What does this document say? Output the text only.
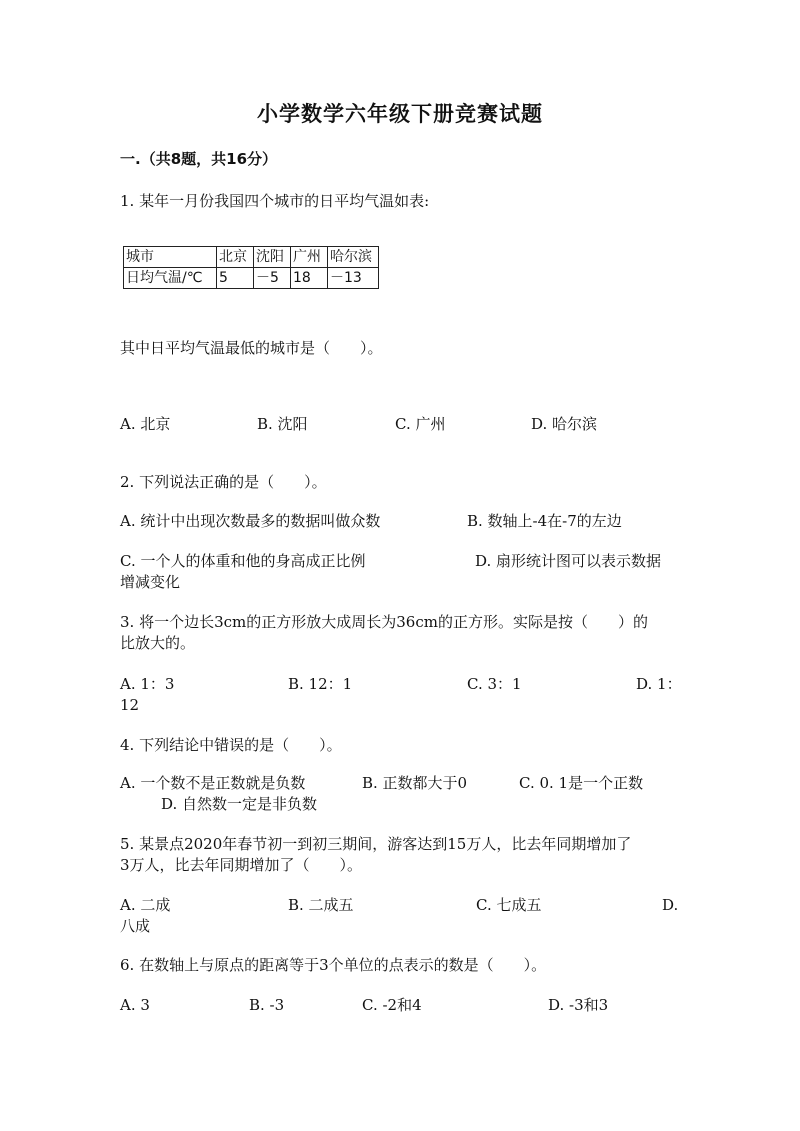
小学数学六年级下册竞赛试题
一.（共8题，共16分）
1. 某年一月份我国四个城市的日平均气温如表:
城市	北京	沈阳	广州	哈尔滨
日均气温/℃	5	－5	18	－13
其中日平均气温最低的城市是（　　）。
A. 北京	B. 沈阳	C. 广州	D. 哈尔滨
2. 下列说法正确的是（　　）。
A. 统计中出现次数最多的数据叫做众数	B. 数轴上-4在-7的左边
C. 一个人的体重和他的身高成正比例	D. 扇形统计图可以表示数据
增减变化
3. 将一个边长3cm的正方形放大成周长为36cm的正方形。实际是按（　　）的
比放大的。
A. 1：3	B. 12：1	C. 3：1	D. 1：
12
4. 下列结论中错误的是（　　）。
A. 一个数不是正数就是负数	B. 正数都大于0	C. 0. 1是一个正数
D. 自然数一定是非负数
5. 某景点2020年春节初一到初三期间，游客达到15万人，比去年同期增加了
3万人，比去年同期增加了（　　）。
A. 二成	B. 二成五	C. 七成五	D.
八成
6. 在数轴上与原点的距离等于3个单位的点表示的数是（　　）。
A. 3	B. -3	C. -2和4	D. -3和3
